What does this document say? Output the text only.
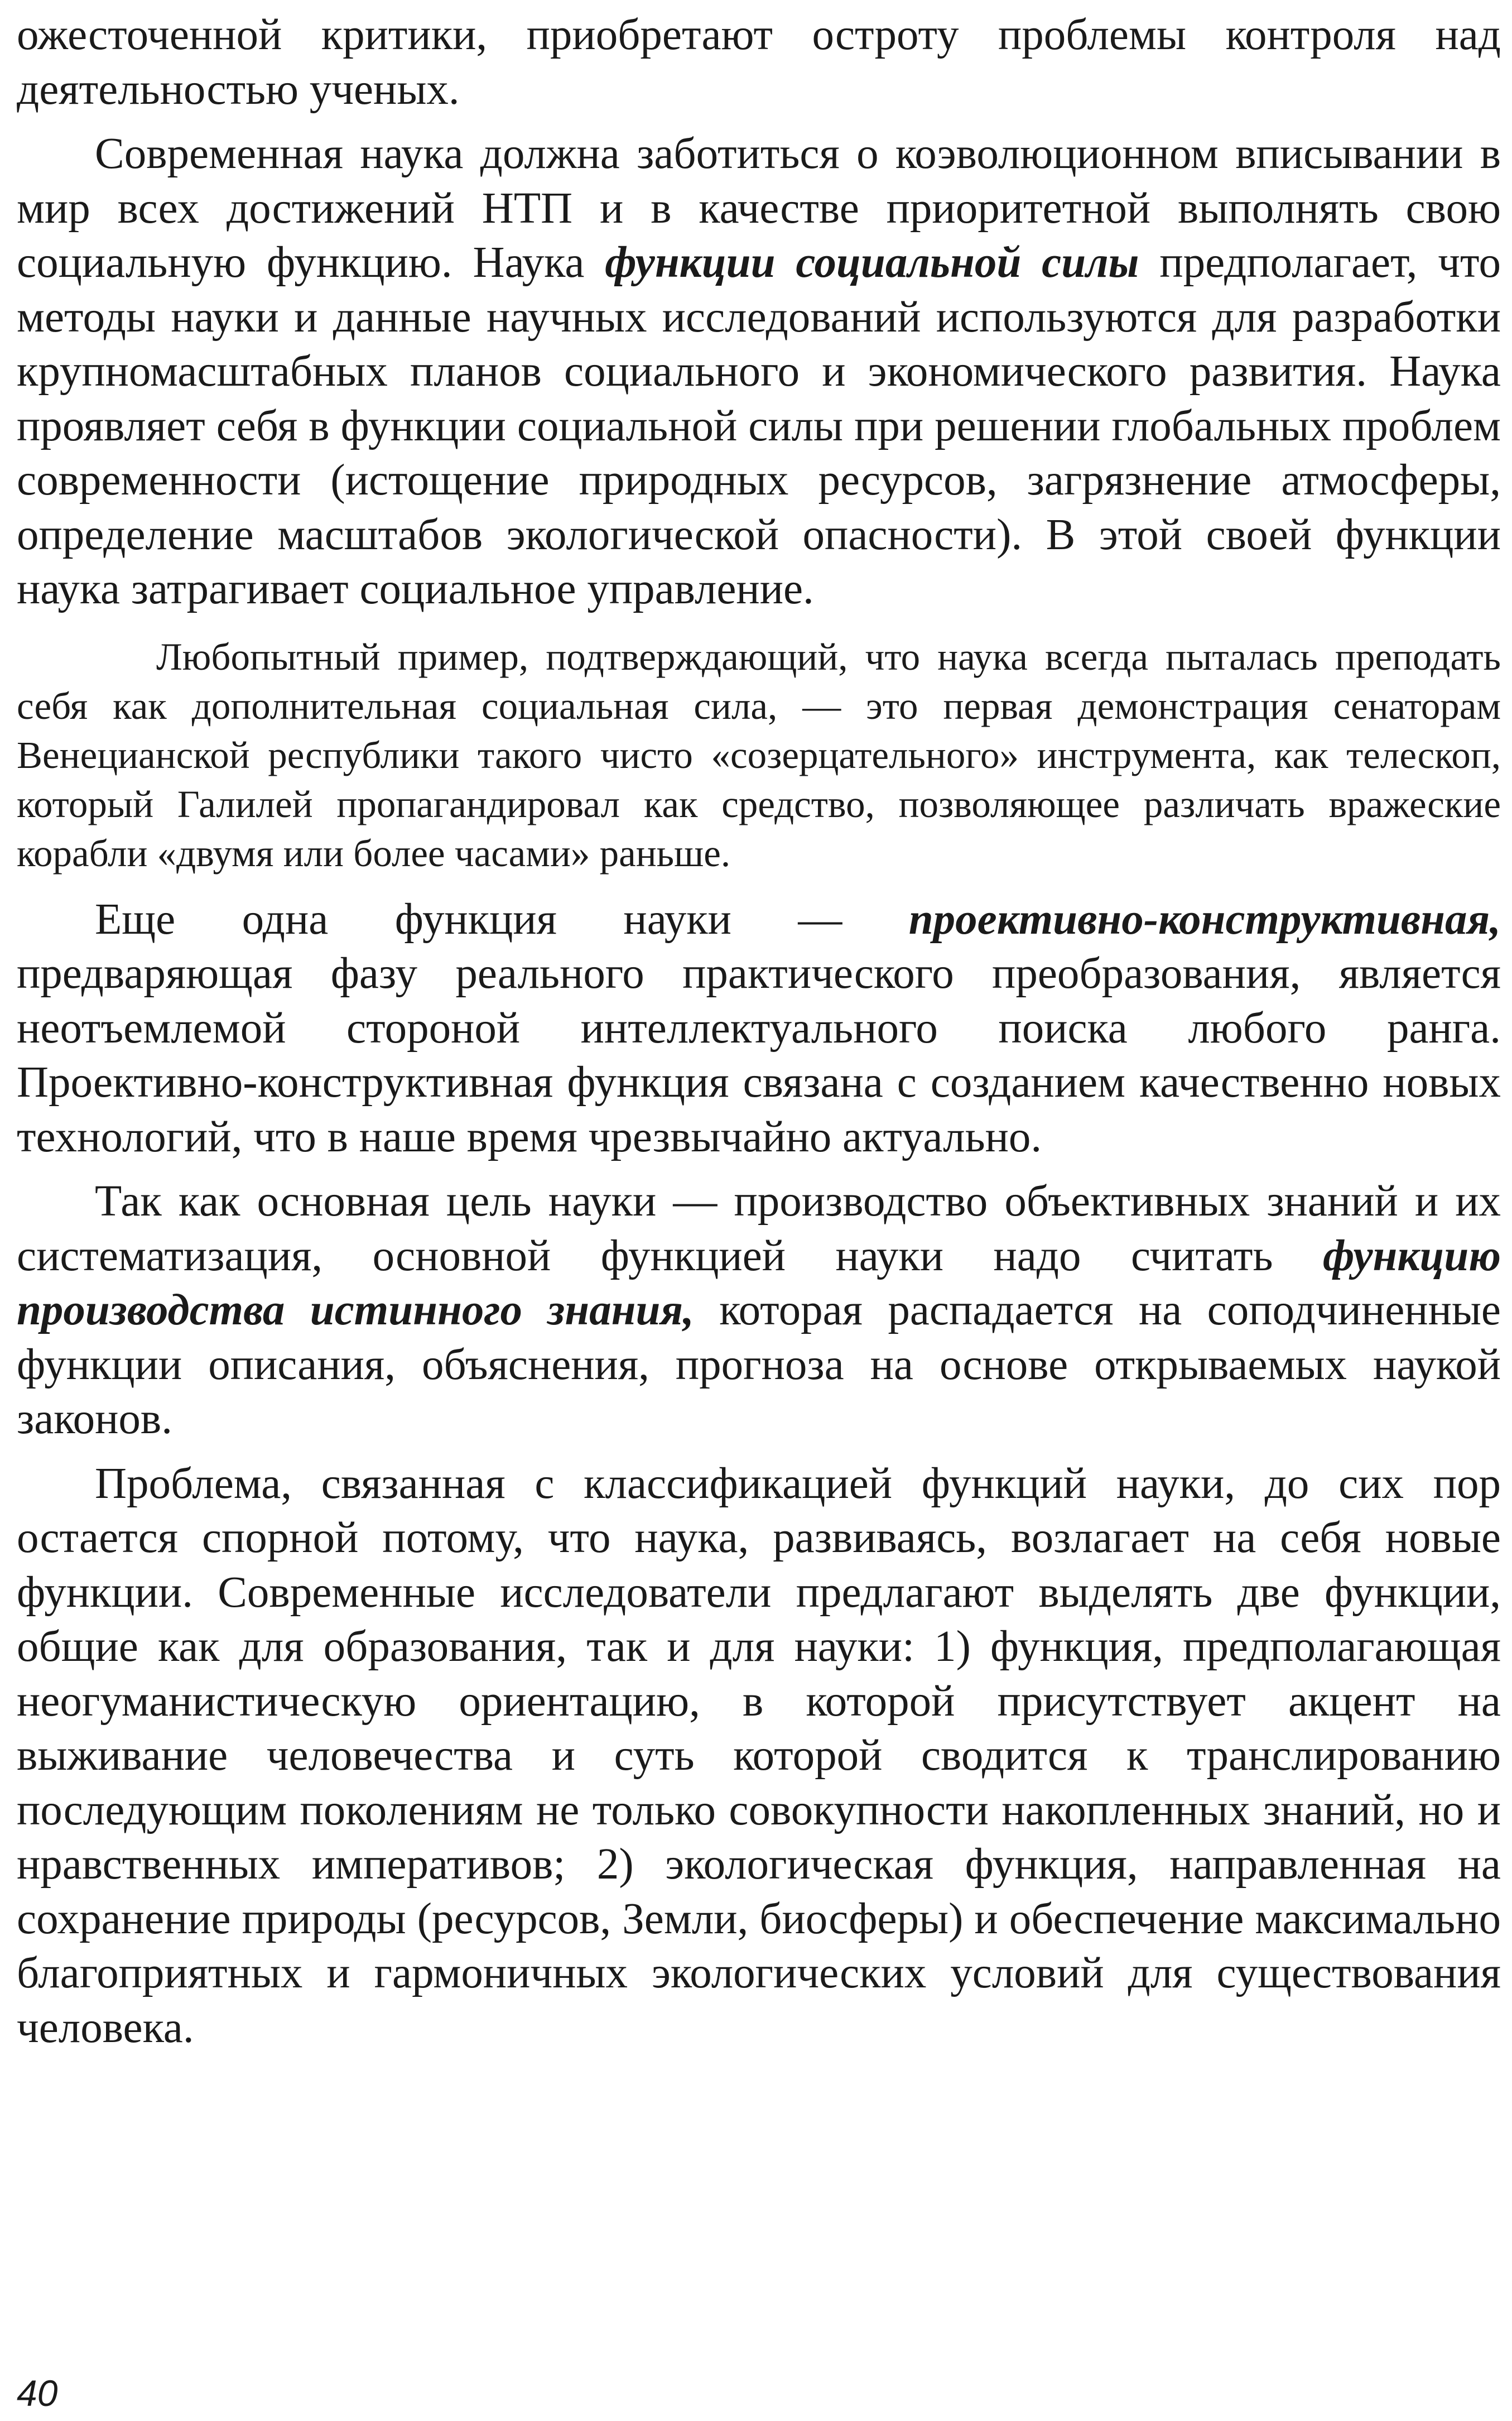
ожесточенной критики, приобретают остроту проблемы контроля над деятельностью ученых.

Современная наука должна заботиться о коэволюционном вписывании в мир всех достижений НТП и в качестве приоритетной выполнять свою социальную функцию. Наука функции социальной силы предполагает, что методы науки и данные научных исследований используются для разработки крупномасштабных планов социального и экономического развития. Наука проявляет себя в функции социальной силы при решении глобальных проблем современности (истощение природных ресурсов, загрязнение атмосферы, определение масштабов экологической опасности). В этой своей функции наука затрагивает социальное управление.

Любопытный пример, подтверждающий, что наука всегда пыталась преподать себя как дополнительная социальная сила, — это первая демонстрация сенаторам Венецианской республики такого чисто «созерцательного» инструмента, как телескоп, который Галилей пропагандировал как средство, позволяющее различать вражеские корабли «двумя или более часами» раньше.

Еще одна функция науки — проективно-конструктивная, предваряющая фазу реального практического преобразования, является неотъемлемой стороной интеллектуального поиска любого ранга. Проективно-конструктивная функция связана с созданием качественно новых технологий, что в наше время чрезвычайно актуально.

Так как основная цель науки — производство объективных знаний и их систематизация, основной функцией науки надо считать функцию производства истинного знания, которая распадается на соподчиненные функции описания, объяснения, прогноза на основе открываемых наукой законов.

Проблема, связанная с классификацией функций науки, до сих пор остается спорной потому, что наука, развиваясь, возлагает на себя новые функции. Современные исследователи предлагают выделять две функции, общие как для образования, так и для науки: 1) функция, предполагающая неогуманистическую ориентацию, в которой присутствует акцент на выживание человечества и суть которой сводится к транслированию последующим поколениям не только совокупности накопленных знаний, но и нравственных императивов; 2) экологическая функция, направленная на сохранение природы (ресурсов, Земли, биосферы) и обеспечение максимально благоприятных и гармоничных экологических условий для существования человека.

40
